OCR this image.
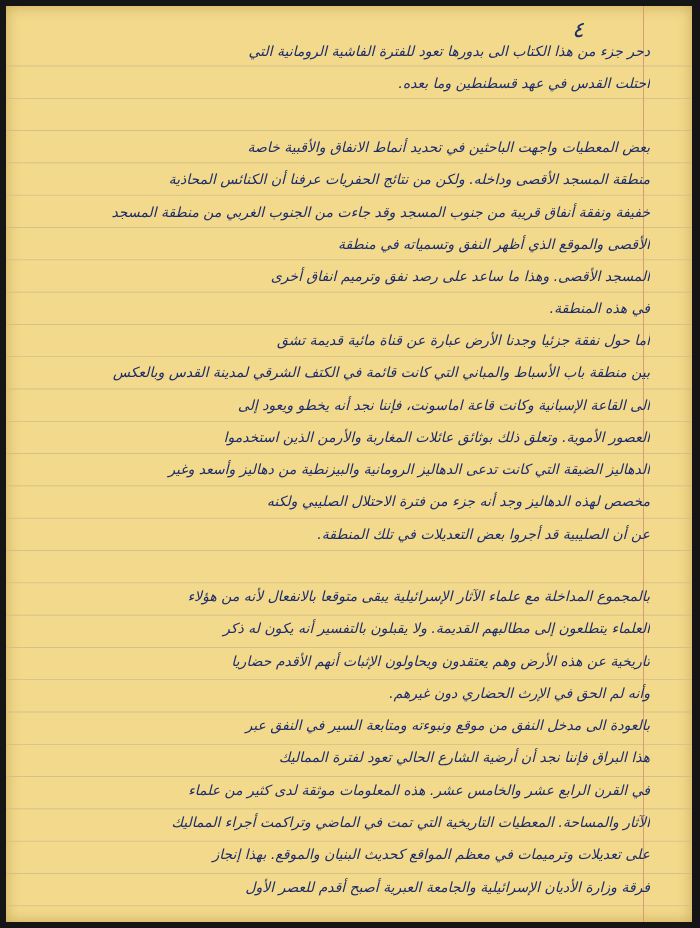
٤
دحر جزء من هذا الكتاب الى بدورها تعود للفترة الفاشية الرومانية التي
احتلت القدس في عهد قسطنطين وما بعده.
بعض المعطيات واجهت الباحثين في تحديد أنماط الانفاق والأقبية خاصة
منطقة المسجد الأقصى وداخله. ولكن من نتائج الحفريات عرفنا أن الكنائس المحاذية
خفيفة ونفقة أنفاق قريبة من جنوب المسجد وقد جاءت من الجنوب الغربي من منطقة المسجد
الأقصى والموقع الذي أظهر النفق وتسمياته في منطقة
المسجد الأقصى. وهذا ما ساعد على رصد نفق وترميم انفاق أخرى
في هذه المنطقة.
أما حول نفقة جزئيا وجدنا الأرض عبارة عن قناة مائية قديمة تشق
بين منطقة باب الأسباط والمباني التي كانت قائمة في الكتف الشرقي لمدينة القدس وبالعكس
الى القاعة الإسبانية وكانت قاعة اماسونت، فإننا نجد أنه يخطو ويعود إلى
العصور الأموية. وتعلق ذلك بوثائق عائلات المغاربة والأرمن الذين استخدموا
الدهاليز الضيقة التي كانت تدعى الدهاليز الرومانية والبيزنطية من دهاليز وأسعد وغير
مخصص لهذه الدهاليز وجد أنه جزء من فترة الاحتلال الصليبي ولكنه
عن أن الصليبية قد أجروا بعض التعديلات في تلك المنطقة.
بالمجموع المداخلة مع علماء الآثار الإسرائيلية يبقى متوقعا بالانفعال لأنه من هؤلاء
العلماء يتطلعون إلى مطالبهم القديمة. ولا يقبلون بالتفسير أنه يكون له ذكر
تاريخية عن هذه الأرض وهم يعتقدون ويحاولون الإثبات أنهم الأقدم حضاريا
وأنه لم الحق في الإرث الحضاري دون غيرهم.
بالعودة الى مدخل النفق من موقع ونبوءته ومتابعة السير في النفق عبر
هذا البراق فإننا نجد أن أرضية الشارع الحالي تعود لفترة المماليك
في القرن الرابع عشر والخامس عشر. هذه المعلومات موثقة لدى كثير من علماء
الآثار والمساحة. المعطيات التاريخية التي تمت في الماضي وتراكمت أجراء المماليك
على تعديلات وترميمات في معظم المواقع كحديث البنيان والموقع. بهذا إنجاز
فرقة وزارة الأديان الإسرائيلية والجامعة العبرية أصبح أقدم للعصر الأول
